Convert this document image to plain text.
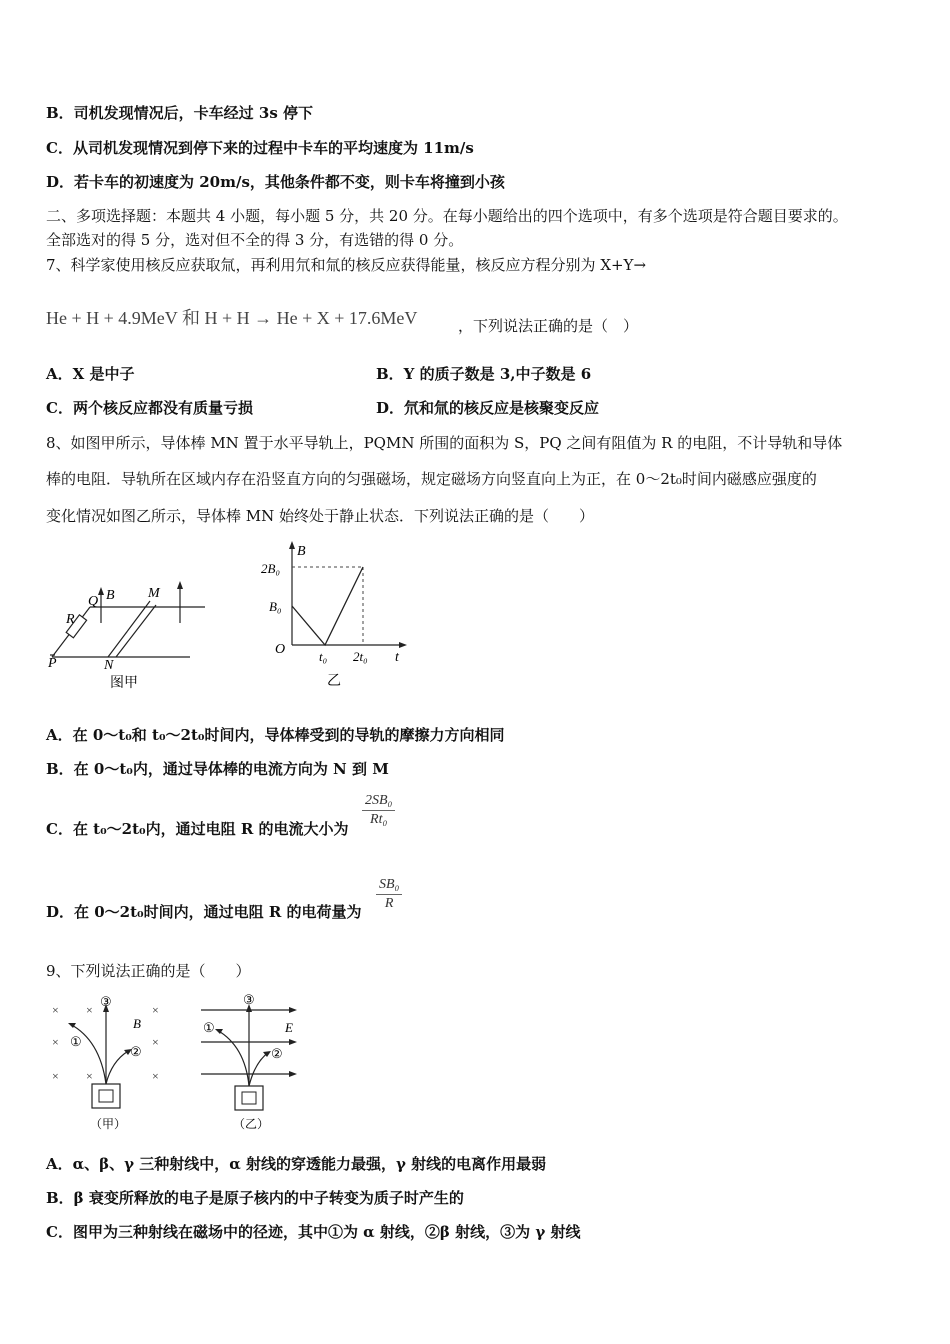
B．司机发现情况后，卡车经过 3s 停下
C．从司机发现情况到停下来的过程中卡车的平均速度为 11m/s
D．若卡车的初速度为 20m/s，其他条件都不变，则卡车将撞到小孩
二、多项选择题：本题共 4 小题，每小题 5 分，共 20 分。在每小题给出的四个选项中，有多个选项是符合题目要求的。
全部选对的得 5 分，选对但不全的得 3 分，有选错的得 0 分。
7、科学家使用核反应获取氚，再利用氘和氚的核反应获得能量，核反应方程分别为 X+Y→
He + H + 4.9MeV 和 H + H → He + X + 17.6MeV	，下列说法正确的是（　）
A．X 是中子	B．Y 的质子数是 3,中子数是 6
C．两个核反应都没有质量亏损	D．氘和氚的核反应是核聚变反应
8、如图甲所示，导体棒 MN 置于水平导轨上，PQMN 所围的面积为 S，PQ 之间有阻值为 R 的电阻，不计导轨和导体
棒的电阻．导轨所在区域内存在沿竖直方向的匀强磁场，规定磁场方向竖直向上为正，在 0～2t₀时间内磁感应强度的
变化情况如图乙所示，导体棒 MN 始终处于静止状态．下列说法正确的是（　　）
Q B M
R
P	N
图甲
B
2B₀
B₀
O	t₀ 2t₀ t
乙
A．在 0～t₀和 t₀～2t₀时间内，导体棒受到的导轨的摩擦力方向相同
B．在 0～t₀内，通过导体棒的电流方向为 N 到 M
C．在 t₀～2t₀内，通过电阻 R 的电流大小为 $\frac{\text{2SB₀}}{\text{Rt₀}}$
D．在 0～2t₀时间内，通过电阻 R 的电荷量为 $\frac{\text{SB₀}}{R}$
9、下列说法正确的是（　　）
× ×	×
×	×
× ×	×
③
①
②
B
（甲）
③
①
②
E
（乙）
A．α、β、γ 三种射线中，α 射线的穿透能力最强，γ 射线的电离作用最弱
B．β 衰变所释放的电子是原子核内的中子转变为质子时产生的
C．图甲为三种射线在磁场中的径迹，其中①为 α 射线，②β 射线，③为 γ 射线
